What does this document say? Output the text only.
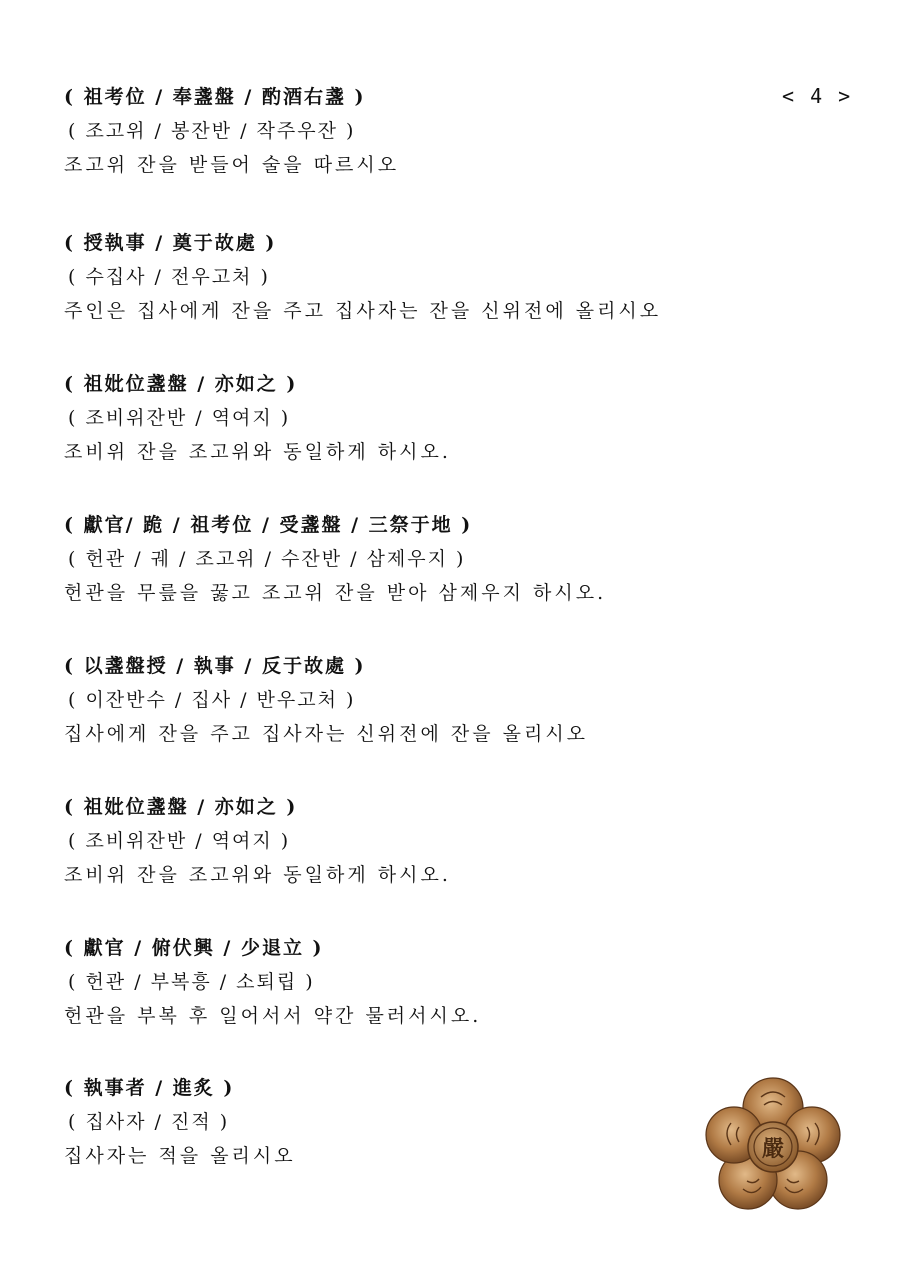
< 4 >
( 祖考位 / 奉盞盤 / 酌酒右盞 )
( 조고위 / 봉잔반 / 작주우잔 )
조고위 잔을 받들어 술을 따르시오
( 授執事 / 奠于故處 )
( 수집사 / 전우고처 )
주인은 집사에게 잔을 주고 집사자는 잔을 신위전에 올리시오
( 祖妣位盞盤 / 亦如之 )
( 조비위잔반 / 역여지 )
조비위 잔을 조고위와 동일하게 하시오.
( 獻官/ 跪 / 祖考位 / 受盞盤 / 三祭于地 )
( 헌관 / 궤 / 조고위 / 수잔반 / 삼제우지 )
헌관을 무릎을 꿇고 조고위 잔을 받아 삼제우지 하시오.
( 以盞盤授 / 執事 / 反于故處 )
( 이잔반수 / 집사 / 반우고처 )
집사에게 잔을 주고 집사자는 신위전에 잔을 올리시오
( 祖妣位盞盤 / 亦如之 )
( 조비위잔반 / 역여지 )
조비위 잔을 조고위와 동일하게 하시오.
( 獻官 / 俯伏興 / 少退立 )
( 헌관 / 부복흥 / 소퇴립 )
헌관을 부복 후 일어서서 약간 물러서시오.
( 執事者 / 進炙 )
( 집사자 / 진적 )
집사자는 적을 올리시오	嚴
